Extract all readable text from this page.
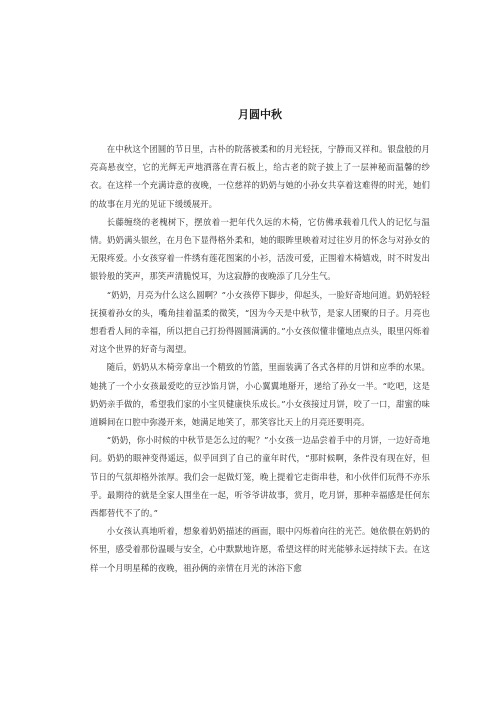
月圆中秋

在中秋这个团圆的节日里，古朴的院落被柔和的月光轻抚，宁静而又祥和。银盘般的月亮高悬夜空，它的光辉无声地洒落在青石板上，给古老的院子披上了一层神秘而温馨的纱衣。在这样一个充满诗意的夜晚，一位慈祥的奶奶与她的小孙女共享着这难得的时光，她们的故事在月光的见证下缓缓展开。

长藤缠绕的老槐树下，摆放着一把年代久远的木椅，它仿佛承载着几代人的记忆与温情。奶奶满头银丝，在月色下显得格外柔和，她的眼眸里映着对过往岁月的怀念与对孙女的无限疼爱。小女孩穿着一件绣有莲花图案的小衫，活泼可爱，正围着木椅嬉戏，时不时发出银铃般的笑声，那笑声清脆悦耳，为这寂静的夜晚添了几分生气。

“奶奶，月亮为什么这么圆啊？”小女孩停下脚步，仰起头，一脸好奇地问道。奶奶轻轻抚摸着孙女的头，嘴角挂着温柔的微笑，“因为今天是中秋节，是家人团聚的日子。月亮也想看看人间的幸福，所以把自己打扮得圆圆满满的。”小女孩似懂非懂地点点头，眼里闪烁着对这个世界的好奇与渴望。

随后，奶奶从木椅旁拿出一个精致的竹篮，里面装满了各式各样的月饼和应季的水果。她挑了一个小女孩最爱吃的豆沙馅月饼，小心翼翼地掰开，递给了孙女一半。“吃吧，这是奶奶亲手做的，希望我们家的小宝贝健康快乐成长。”小女孩接过月饼，咬了一口，甜蜜的味道瞬间在口腔中弥漫开来，她满足地笑了，那笑容比天上的月亮还要明亮。

“奶奶，你小时候的中秋节是怎么过的呢？”小女孩一边品尝着手中的月饼，一边好奇地问。奶奶的眼神变得遥远，似乎回到了自己的童年时代，“那时候啊，条件没有现在好，但节日的气氛却格外浓厚。我们会一起做灯笼，晚上提着它走街串巷，和小伙伴们玩得不亦乐乎。最期待的就是全家人围坐在一起，听爷爷讲故事，赏月，吃月饼，那种幸福感是任何东西都替代不了的。”

小女孩认真地听着，想象着奶奶描述的画面，眼中闪烁着向往的光芒。她依偎在奶奶的怀里，感受着那份温暖与安全，心中默默地许愿，希望这样的时光能够永远持续下去。在这样一个月明星稀的夜晚，祖孙俩的亲情在月光的沐浴下愈
